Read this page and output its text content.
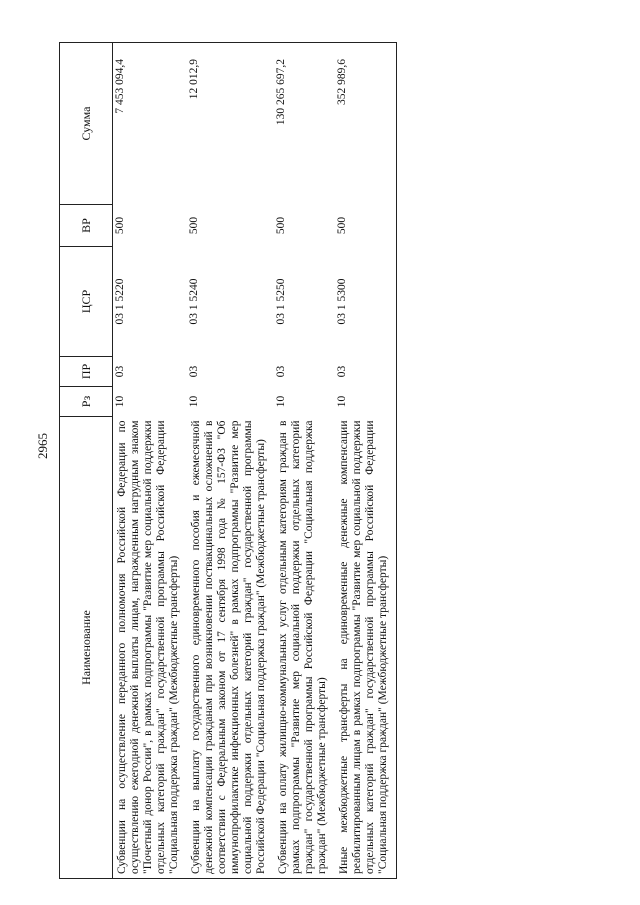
2965
Наименование	Рз	ПР	ЦСР	ВР	Сумма
Субвенции на осуществление переданного полномочия Российской Федерации по осуществлению ежегодной денежной выплаты лицам, награжденным нагрудным знаком "Почетный донор России", в рамках подпрограммы "Развитие мер социальной поддержки отдельных категорий граждан" государственной программы Российской Федерации "Социальная поддержка граждан" (Межбюджетные трансферты)	10	03	03 1 5220	500	7 453 094,4
Субвенции на выплату государственного единовременного пособия и ежемесячной денежной компенсации гражданам при возникновении поствакцинальных осложнений в соответствии с Федеральным законом от 17 сентября 1998 года № 157-ФЗ "Об иммунопрофилактике инфекционных болезней" в рамках подпрограммы "Развитие мер социальной поддержки отдельных категорий граждан" государственной программы Российской Федерации "Социальная поддержка граждан" (Межбюджетные трансферты)	10	03	03 1 5240	500	12 012,9
Субвенции на оплату жилищно-коммунальных услуг отдельным категориям граждан в рамках подпрограммы "Развитие мер социальной поддержки отдельных категорий граждан" государственной программы Российской Федерации "Социальная поддержка граждан" (Межбюджетные трансферты)	10	03	03 1 5250	500	130 265 697,2
Иные межбюджетные трансферты на единовременные денежные компенсации реабилитированным лицам в рамках подпрограммы "Развитие мер социальной поддержки отдельных категорий граждан" государственной программы Российской Федерации "Социальная поддержка граждан" (Межбюджетные трансферты)	10	03	03 1 5300	500	352 989,6
